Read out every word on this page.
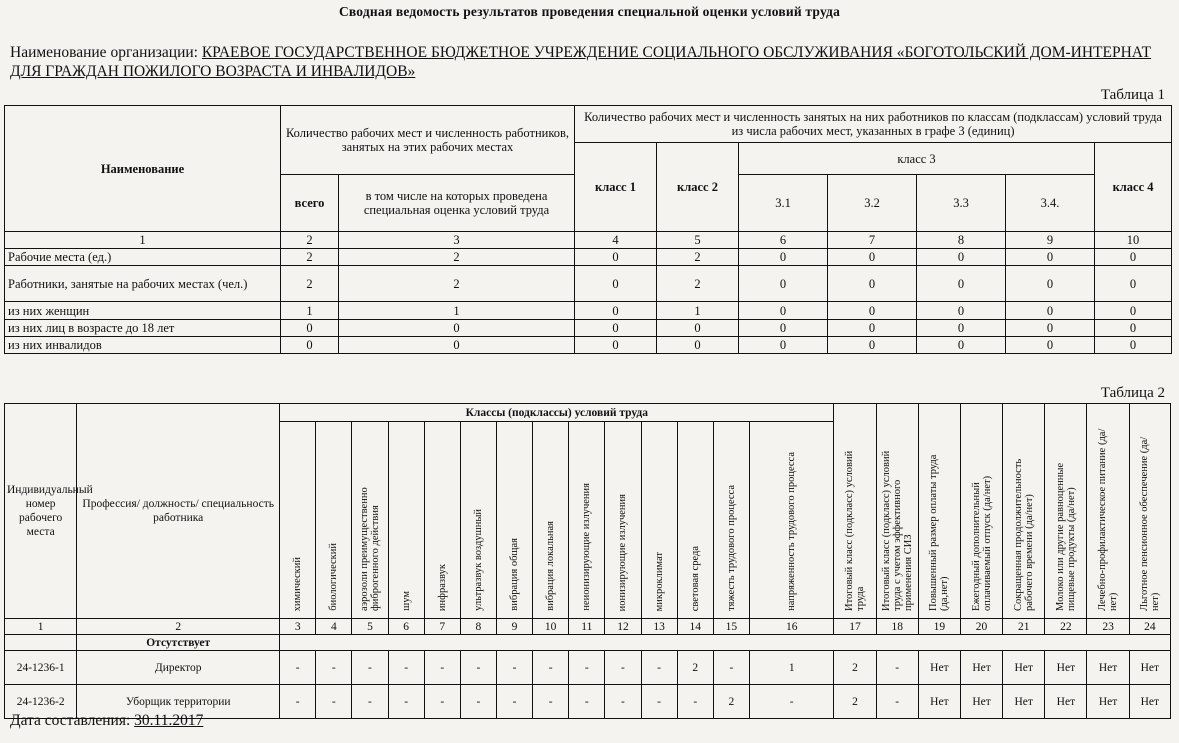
Сводная ведомость результатов проведения специальной оценки условий труда
Наименование организации: КРАЕВОЕ ГОСУДАРСТВЕННОЕ БЮДЖЕТНОЕ УЧРЕЖДЕНИЕ СОЦИАЛЬНОГО ОБСЛУЖИВАНИЯ «БОГОТОЛЬСКИЙ ДОМ-ИНТЕРНАТ ДЛЯ ГРАЖДАН ПОЖИЛОГО ВОЗРАСТА И ИНВАЛИДОВ»
Таблица 1
Наименование	Количество рабочих мест и численность работников, занятых на этих рабочих местах		Количество рабочих мест и численность занятых на них работников по классам (подклассам) условий труда из числа рабочих мест, указанных в графе 3 (единиц)						
			класс 1	класс 2	класс 3				класс 4
	всего	в том числе на которых проведена специальная оценка условий труда			3.1	3.2	3.3	3.4.	
1	2	3	4	5	6	7	8	9	10
Рабочие места (ед.)	2	2	0	2	0	0	0	0	0
Работники, занятые на рабочих местах (чел.)	2	2	0	2	0	0	0	0	0
из них женщин	1	1	0	1	0	0	0	0	0
из них лиц в возрасте до 18 лет	0	0	0	0	0	0	0	0	0
из них инвалидов	0	0	0	0	0	0	0	0	0
Таблица 2
Индивидуальный номер рабочего места	Профессия/ должность/ специальность работника	Классы (подклассы) условий труда														Итоговый класс (подкласс) условий труда	Итоговый класс (подкласс) условий труда с учетом эффективного применения СИЗ	Повышенный размер оплаты труда (да,нет)	Ежегодный дополнительный оплачиваемый отпуск (да/нет)	Сокращенная продолжительность рабочего времени (да/нет)	Молоко или другие равноценные пищевые продукты (да/нет)	Лечебно-профилактическое питание (да/нет)	Льготное пенсионное обеспечение (да/нет)
		химический	биологический	аэрозоли преимущественно фиброгенного действия	шум	инфразвук	ультразвук воздушный	вибрация общая	вибрация локальная	неионизирующие излучения	ионизирующие излучения	микроклимат	световая среда	тяжесть трудового процесса	напряженность трудового процесса								
1	2	3	4	5	6	7	8	9	10	11	12	13	14	15	16	17	18	19	20	21	22	23	24
	Отсутствует																						
24-1236-1	Директор	-	-	-	-	-	-	-	-	-	-	-	2	-	1	2	-	Нет	Нет	Нет	Нет	Нет	Нет
24-1236-2	Уборщик территории	-	-	-	-	-	-	-	-	-	-	-	-	2	-	2	-	Нет	Нет	Нет	Нет	Нет	Нет
Дата составления: 30.11.2017
